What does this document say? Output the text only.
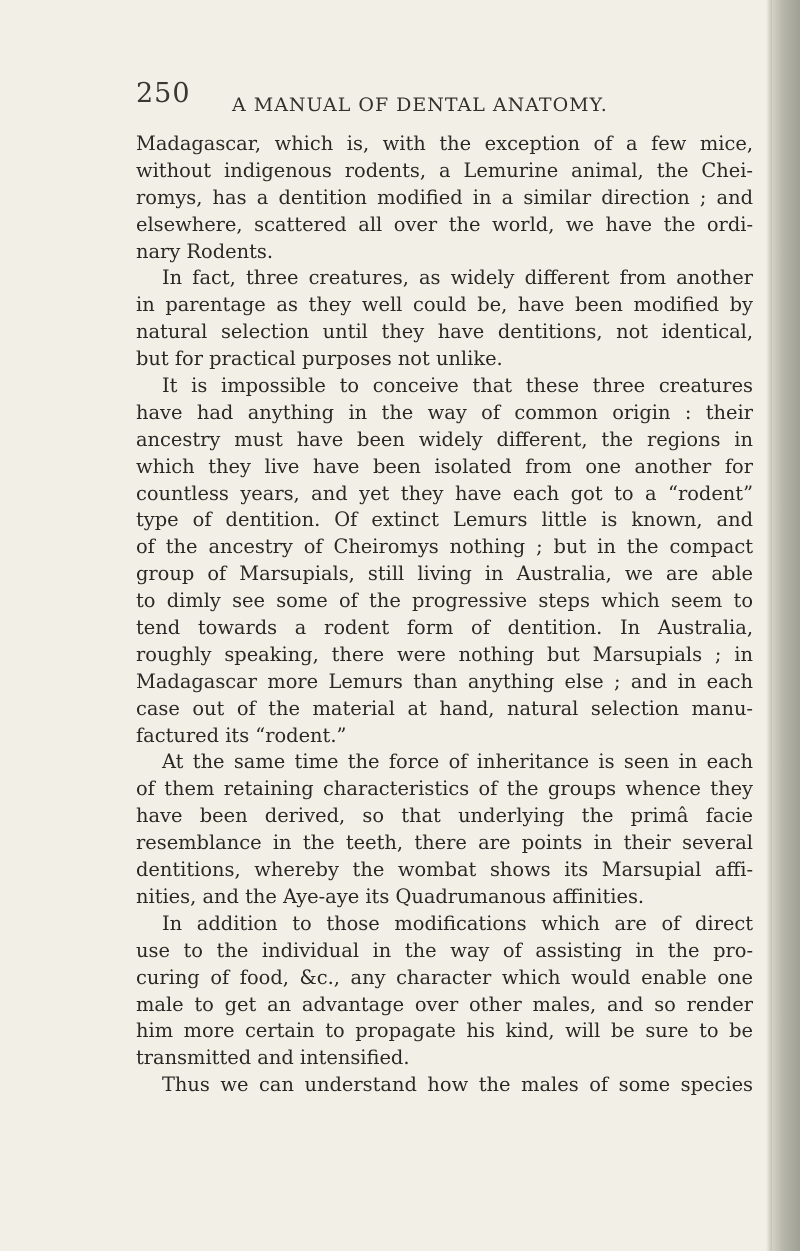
250 A MANUAL OF DENTAL ANATOMY.
Madagascar, which is, with the exception of a few mice,
without indigenous rodents, a Lemurine animal, the Chei-
romys, has a dentition modified in a similar direction ; and
elsewhere, scattered all over the world, we have the ordi-
nary Rodents.
In fact, three creatures, as widely different from another
in parentage as they well could be, have been modified by
natural selection until they have dentitions, not identical,
but for practical purposes not unlike.
It is impossible to conceive that these three creatures
have had anything in the way of common origin : their
ancestry must have been widely different, the regions in
which they live have been isolated from one another for
countless years, and yet they have each got to a “rodent”
type of dentition. Of extinct Lemurs little is known, and
of the ancestry of Cheiromys nothing ; but in the compact
group of Marsupials, still living in Australia, we are able
to dimly see some of the progressive steps which seem to
tend towards a rodent form of dentition. In Australia,
roughly speaking, there were nothing but Marsupials ; in
Madagascar more Lemurs than anything else ; and in each
case out of the material at hand, natural selection manu-
factured its “rodent.”
At the same time the force of inheritance is seen in each
of them retaining characteristics of the groups whence they
have been derived, so that underlying the primâ facie
resemblance in the teeth, there are points in their several
dentitions, whereby the wombat shows its Marsupial affi-
nities, and the Aye-aye its Quadrumanous affinities.
In addition to those modifications which are of direct
use to the individual in the way of assisting in the pro-
curing of food, &c., any character which would enable one
male to get an advantage over other males, and so render
him more certain to propagate his kind, will be sure to be
transmitted and intensified.
Thus we can understand how the males of some species
